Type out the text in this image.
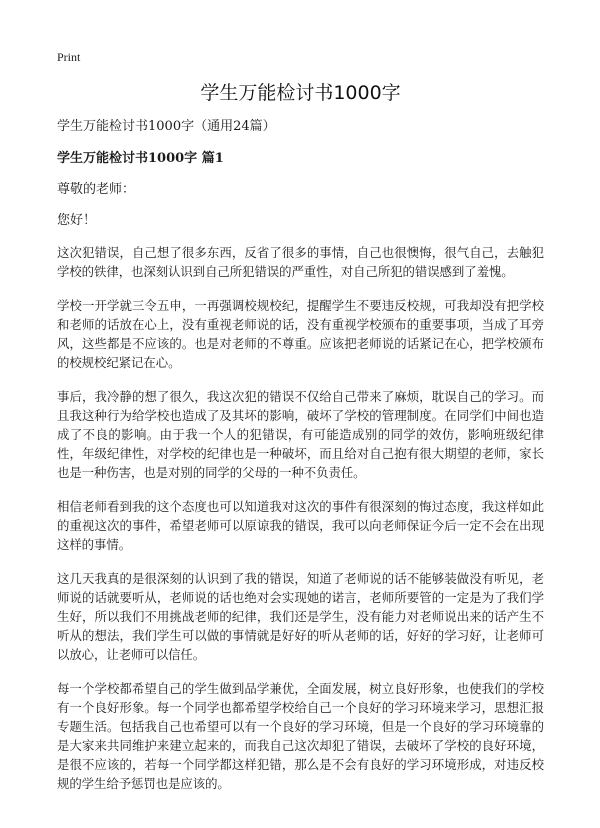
Print
学生万能检讨书1000字

学生万能检讨书1000字（通用24篇）

学生万能检讨书1000字 篇1

尊敬的老师：

您好！

这次犯错误，自己想了很多东西，反省了很多的事情，自己也很懊悔，很气自己，去触犯学校的铁律，也深刻认识到自己所犯错误的严重性，对自己所犯的错误感到了羞愧。

学校一开学就三令五申，一再强调校规校纪，提醒学生不要违反校规，可我却没有把学校和老师的话放在心上，没有重视老师说的话，没有重视学校颁布的重要事项，当成了耳旁风，这些都是不应该的。也是对老师的不尊重。应该把老师说的话紧记在心，把学校颁布的校规校纪紧记在心。

事后，我冷静的想了很久，我这次犯的错误不仅给自己带来了麻烦，耽误自己的学习。而且我这种行为给学校也造成了及其坏的影响，破坏了学校的管理制度。在同学们中间也造成了不良的影响。由于我一个人的犯错误，有可能造成别的同学的效仿，影响班级纪律性，年级纪律性，对学校的纪律也是一种破坏，而且给对自己抱有很大期望的老师，家长也是一种伤害，也是对别的同学的父母的一种不负责任。

相信老师看到我的这个态度也可以知道我对这次的事件有很深刻的悔过态度，我这样如此的重视这次的事件，希望老师可以原谅我的错误，我可以向老师保证今后一定不会在出现这样的事情。

这几天我真的是很深刻的认识到了我的错误，知道了老师说的话不能够装做没有听见，老师说的话就要听从，老师说的话也绝对会实现她的诺言，老师所要管的一定是为了我们学生好，所以我们不用挑战老师的纪律，我们还是学生，没有能力对老师说出来的话产生不听从的想法，我们学生可以做的事情就是好好的听从老师的话，好好的学习好，让老师可以放心，让老师可以信任。

每一个学校都希望自己的学生做到品学兼优，全面发展，树立良好形象，也使我们的学校有一个良好形象。每一个同学也都希望学校给自己一个良好的学习环境来学习，思想汇报专题生活。包括我自己也希望可以有一个良好的学习环境，但是一个良好的学习环境靠的是大家来共同维护来建立起来的，而我自己这次却犯了错误，去破坏了学校的良好环境，是很不应该的，若每一个同学都这样犯错，那么是不会有良好的学习环境形成，对违反校规的学生给予惩罚也是应该的。
